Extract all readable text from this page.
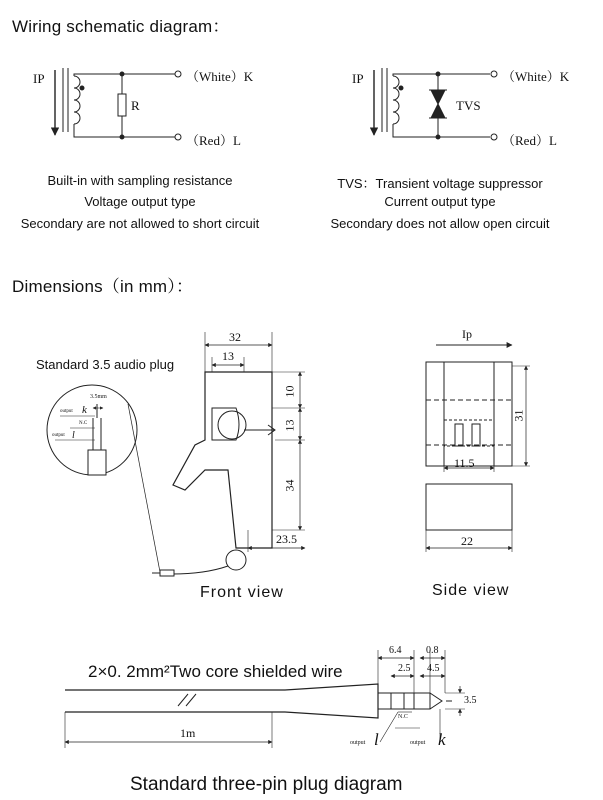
Wiring schematic diagram：
Dimensions（in mm）：
IP
R
（White）K
（Red）L
Built-in with sampling resistance
Voltage output type
Secondary are not allowed to short circuit
IP
TVS
（White）K
（Red）L
TVS：Transient voltage suppressor
Current output type
Secondary does not allow open circuit
Standard 3.5 audio plug
32
13
10
13
34
23.5
Front view
3.5mm
output k
N.C
output l
Ip
31
11.5
22
Side view
2×0. 2mm²Two core shielded wire
1m
6.4 0.8
2.5 4.5
3.5
N.C
output l	output k
Standard three-pin plug diagram
